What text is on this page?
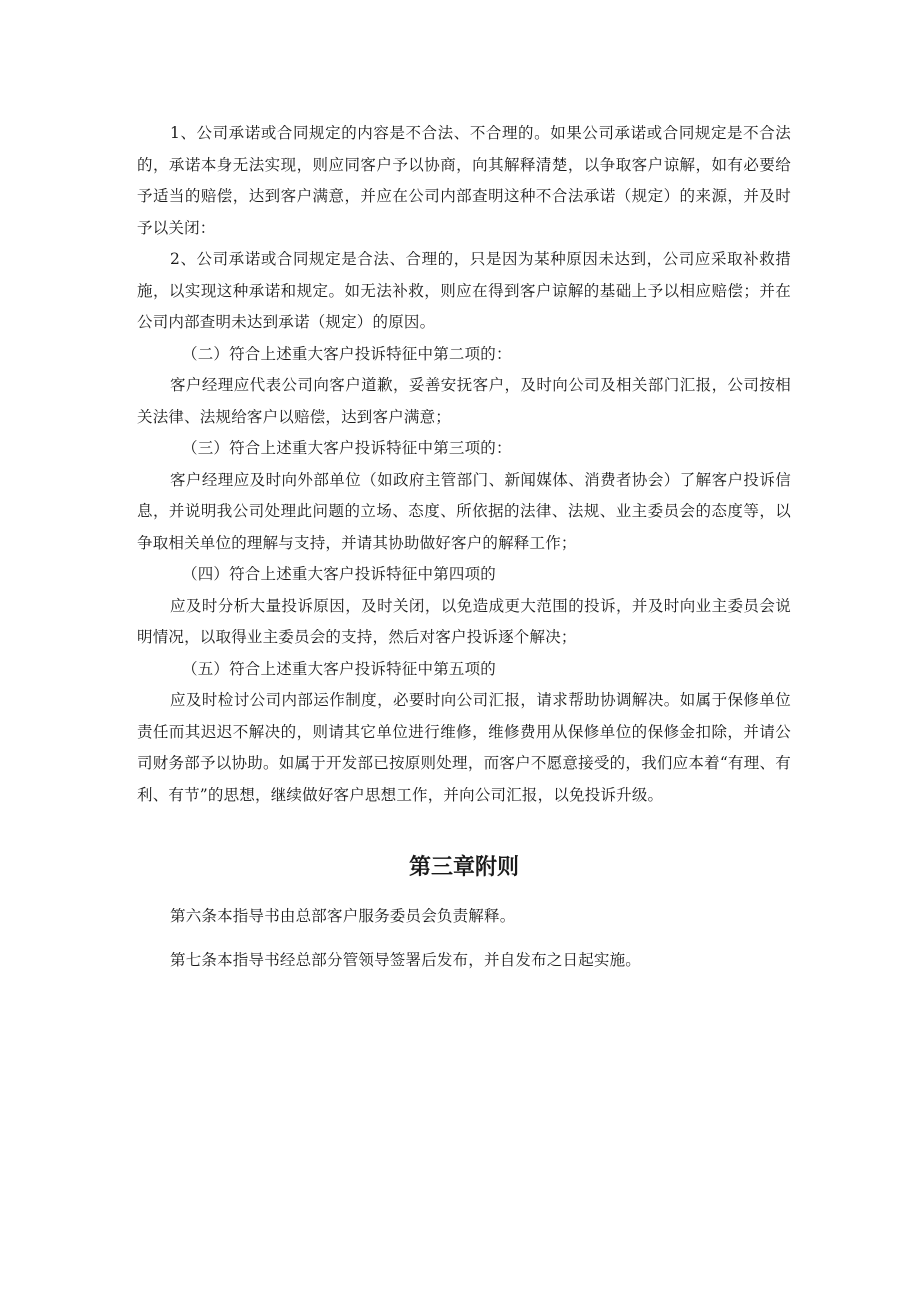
1、公司承诺或合同规定的内容是不合法、不合理的。如果公司承诺或合同规定是不合法的，承诺本身无法实现，则应同客户予以协商，向其解释清楚，以争取客户谅解，如有必要给予适当的赔偿，达到客户满意，并应在公司内部查明这种不合法承诺（规定）的来源，并及时予以关闭：

2、公司承诺或合同规定是合法、合理的，只是因为某种原因未达到，公司应采取补救措施，以实现这种承诺和规定。如无法补救，则应在得到客户谅解的基础上予以相应赔偿；并在公司内部查明未达到承诺（规定）的原因。

（二）符合上述重大客户投诉特征中第二项的：

客户经理应代表公司向客户道歉，妥善安抚客户，及时向公司及相关部门汇报，公司按相关法律、法规给客户以赔偿，达到客户满意；

（三）符合上述重大客户投诉特征中第三项的：

客户经理应及时向外部单位（如政府主管部门、新闻媒体、消费者协会）了解客户投诉信息，并说明我公司处理此问题的立场、态度、所依据的法律、法规、业主委员会的态度等，以争取相关单位的理解与支持，并请其协助做好客户的解释工作；

（四）符合上述重大客户投诉特征中第四项的

应及时分析大量投诉原因，及时关闭，以免造成更大范围的投诉，并及时向业主委员会说明情况，以取得业主委员会的支持，然后对客户投诉逐个解决；

（五）符合上述重大客户投诉特征中第五项的

应及时检讨公司内部运作制度，必要时向公司汇报，请求帮助协调解决。如属于保修单位责任而其迟迟不解决的，则请其它单位进行维修，维修费用从保修单位的保修金扣除，并请公司财务部予以协助。如属于开发部已按原则处理，而客户不愿意接受的，我们应本着“有理、有利、有节”的思想，继续做好客户思想工作，并向公司汇报，以免投诉升级。

第三章附则

第六条本指导书由总部客户服务委员会负责解释。

第七条本指导书经总部分管领导签署后发布，并自发布之日起实施。
